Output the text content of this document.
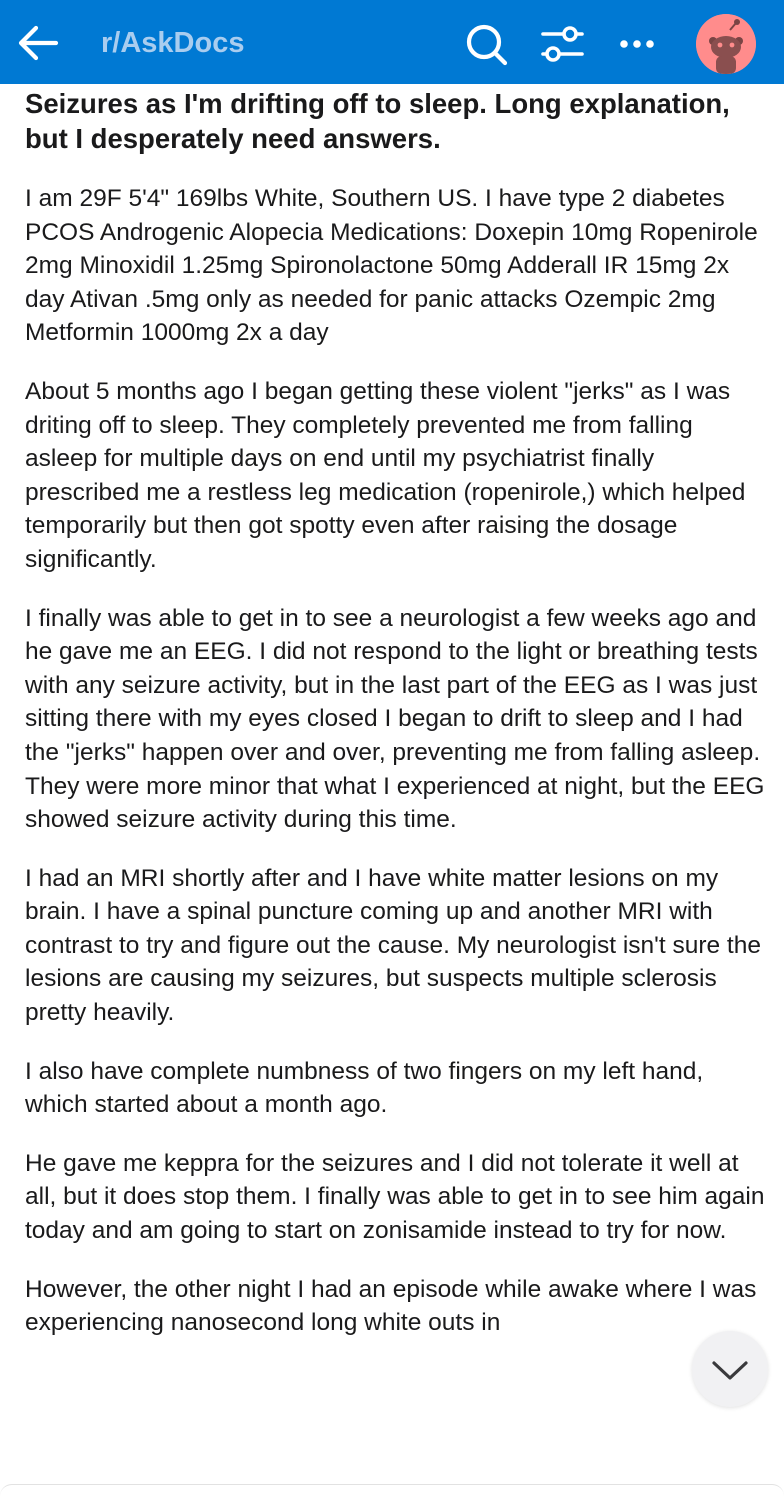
r/AskDocs
Seizures as I'm drifting off to sleep. Long explanation, but I desperately need answers.

I am 29F 5'4" 169lbs White, Southern US. I have type 2 diabetes PCOS Androgenic Alopecia Medications: Doxepin 10mg Ropenirole 2mg Minoxidil 1.25mg Spironolactone 50mg Adderall IR 15mg 2x day Ativan .5mg only as needed for panic attacks Ozempic 2mg Metformin 1000mg 2x a day

About 5 months ago I began getting these violent "jerks" as I was driting off to sleep. They completely prevented me from falling asleep for multiple days on end until my psychiatrist finally prescribed me a restless leg medication (ropenirole,) which helped temporarily but then got spotty even after raising the dosage significantly.

I finally was able to get in to see a neurologist a few weeks ago and he gave me an EEG. I did not respond to the light or breathing tests with any seizure activity, but in the last part of the EEG as I was just sitting there with my eyes closed I began to drift to sleep and I had the "jerks" happen over and over, preventing me from falling asleep. They were more minor that what I experienced at night, but the EEG showed seizure activity during this time.

I had an MRI shortly after and I have white matter lesions on my brain. I have a spinal puncture coming up and another MRI with contrast to try and figure out the cause. My neurologist isn't sure the lesions are causing my seizures, but suspects multiple sclerosis pretty heavily.

I also have complete numbness of two fingers on my left hand, which started about a month ago.

He gave me keppra for the seizures and I did not tolerate it well at all, but it does stop them. I finally was able to get in to see him again today and am going to start on zonisamide instead to try for now.

However, the other night I had an episode while awake where I was experiencing nanosecond long white outs in
